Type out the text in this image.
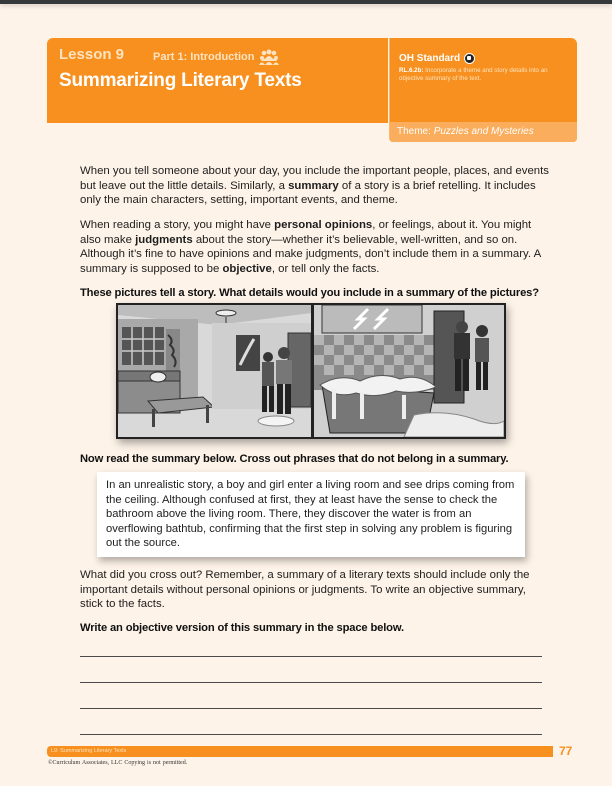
Lesson 9	Part 1: Introduction
Summarizing Literary Texts
OH Standard
RL.6.2b: Incorporate a theme and story details into an objective summary of the text.
Theme: Puzzles and Mysteries
When you tell someone about your day, you include the important people, places, and events but leave out the little details. Similarly, a summary of a story is a brief retelling. It includes only the main characters, setting, important events, and theme.
When reading a story, you might have personal opinions, or feelings, about it. You might also make judgments about the story—whether it’s believable, well-written, and so on. Although it’s fine to have opinions and make judgments, don’t include them in a summary. A summary is supposed to be objective, or tell only the facts.
These pictures tell a story. What details would you include in a summary of the pictures?
Now read the summary below. Cross out phrases that do not belong in a summary.
In an unrealistic story, a boy and girl enter a living room and see drips coming from the ceiling. Although confused at first, they at least have the sense to check the bathroom above the living room. There, they discover the water is from an overflowing bathtub, confirming that the first step in solving any problem is figuring out the source.
What did you cross out? Remember, a summary of a literary texts should include only the important details without personal opinions or judgments. To write an objective summary, stick to the facts.
Write an objective version of this summary in the space below.
L9: Summarizing Literary Texts	77
©Curriculum Associates, LLC Copying is not permitted.
